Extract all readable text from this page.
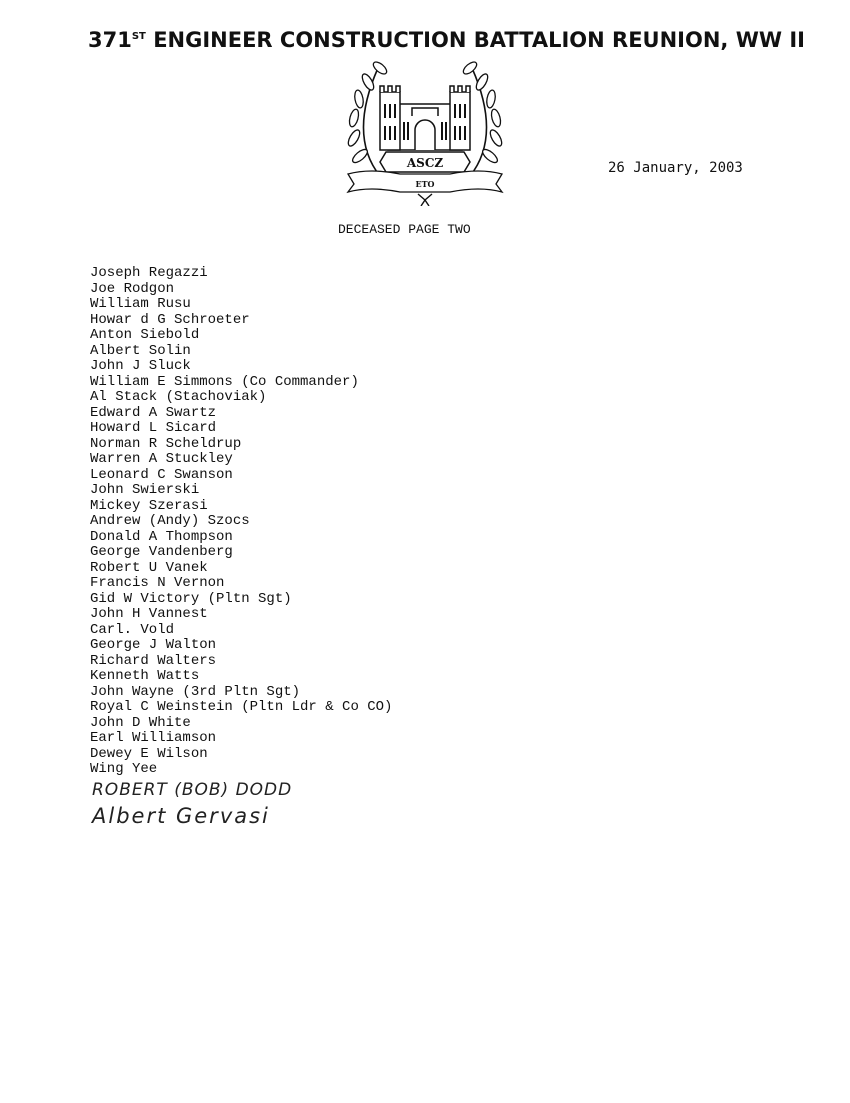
371ST ENGINEER CONSTRUCTION BATTALION REUNION, WW II
ASCZ
ETO
26 January, 2003
DECEASED PAGE TWO
Joseph Regazzi
Joe Rodgon
William Rusu
Howar d G Schroeter
Anton Siebold
Albert Solin
John J Sluck
William E Simmons (Co Commander)
Al Stack (Stachoviak)
Edward A Swartz
Howard L Sicard
Norman R Scheldrup
Warren A Stuckley
Leonard C Swanson
John Swierski
Mickey Szerasi
Andrew (Andy) Szocs
Donald A Thompson
George Vandenberg
Robert U Vanek
Francis N Vernon
Gid W Victory (Pltn Sgt)
John H Vannest
Carl. Vold
George J Walton
Richard Walters
Kenneth Watts
John Wayne (3rd Pltn Sgt)
Royal C Weinstein (Pltn Ldr & Co CO)
John D White
Earl Williamson
Dewey E Wilson
Wing Yee
ROBERT (BOB) DODD
Albert Gervasi
